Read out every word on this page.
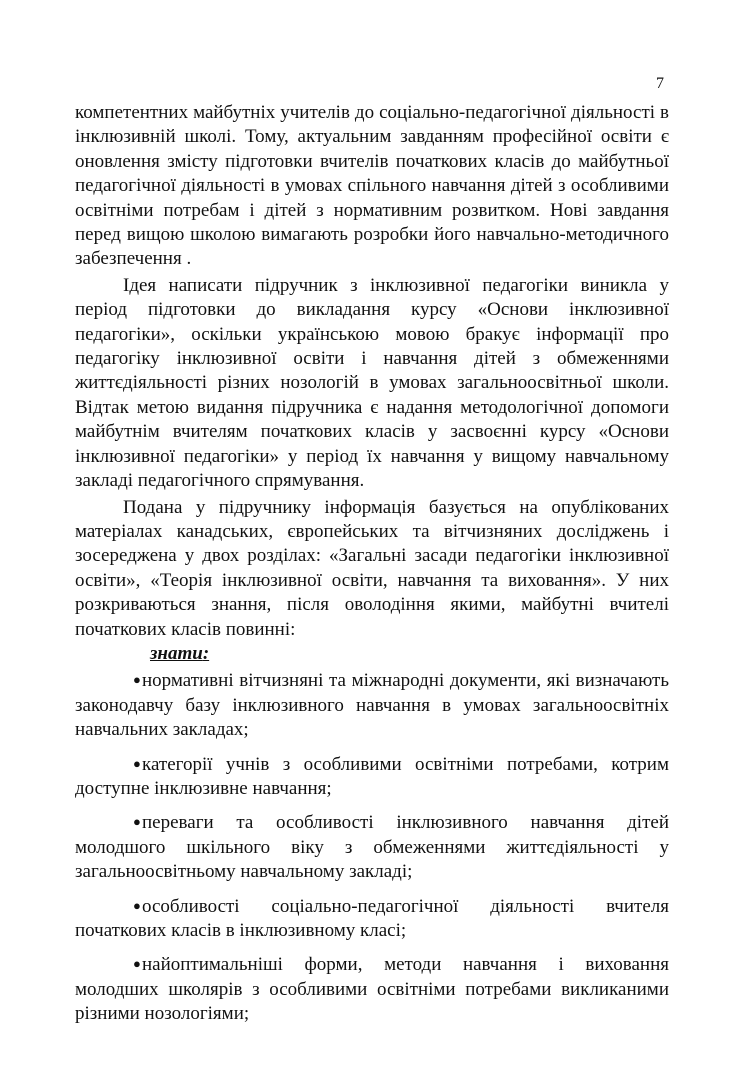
7

компетентних майбутніх учителів до соціально-педагогічної діяльності в інклюзивній школі. Тому, актуальним завданням професійної освіти є оновлення змісту підготовки вчителів початкових класів до майбутньої педагогічної діяльності в умовах спільного навчання дітей з особливими освітніми потребам і дітей з нормативним розвитком. Нові завдання перед вищою школою вимагають розробки його навчально-методичного забезпечення .

Ідея написати підручник з інклюзивної педагогіки виникла у період підготовки до викладання курсу «Основи інклюзивної педагогіки», оскільки українською мовою бракує інформації про педагогіку інклюзивної освіти і навчання дітей з обмеженнями життєдіяльності різних нозологій в умовах загальноосвітньої школи. Відтак метою видання підручника є надання методологічної допомоги майбутнім вчителям початкових класів у засвоєнні курсу «Основи інклюзивної педагогіки» у період їх навчання у вищому навчальному закладі педагогічного спрямування.

Подана у підручнику інформація базується на опублікованих матеріалах канадських, європейських та вітчизняних досліджень і зосереджена у двох розділах: «Загальні засади педагогіки інклюзивної освіти», «Теорія інклюзивної освіти, навчання та виховання». У них розкриваються знання, після оволодіння якими, майбутні вчителі початкових класів повинні:

знати:

●нормативні вітчизняні та міжнародні документи, які визначають законодавчу базу інклюзивного навчання в умовах загальноосвітніх навчальних закладах;
●категорії учнів з особливими освітніми потребами, котрим доступне інклюзивне навчання;
●переваги та особливості інклюзивного навчання дітей молодшого шкільного віку з обмеженнями життєдіяльності у загальноосвітньому навчальному закладі;
●особливості соціально-педагогічної діяльності вчителя початкових класів в інклюзивному класі;
●найоптимальніші форми, методи навчання і виховання молодших школярів з особливими освітніми потребами викликаними різними нозологіями;
